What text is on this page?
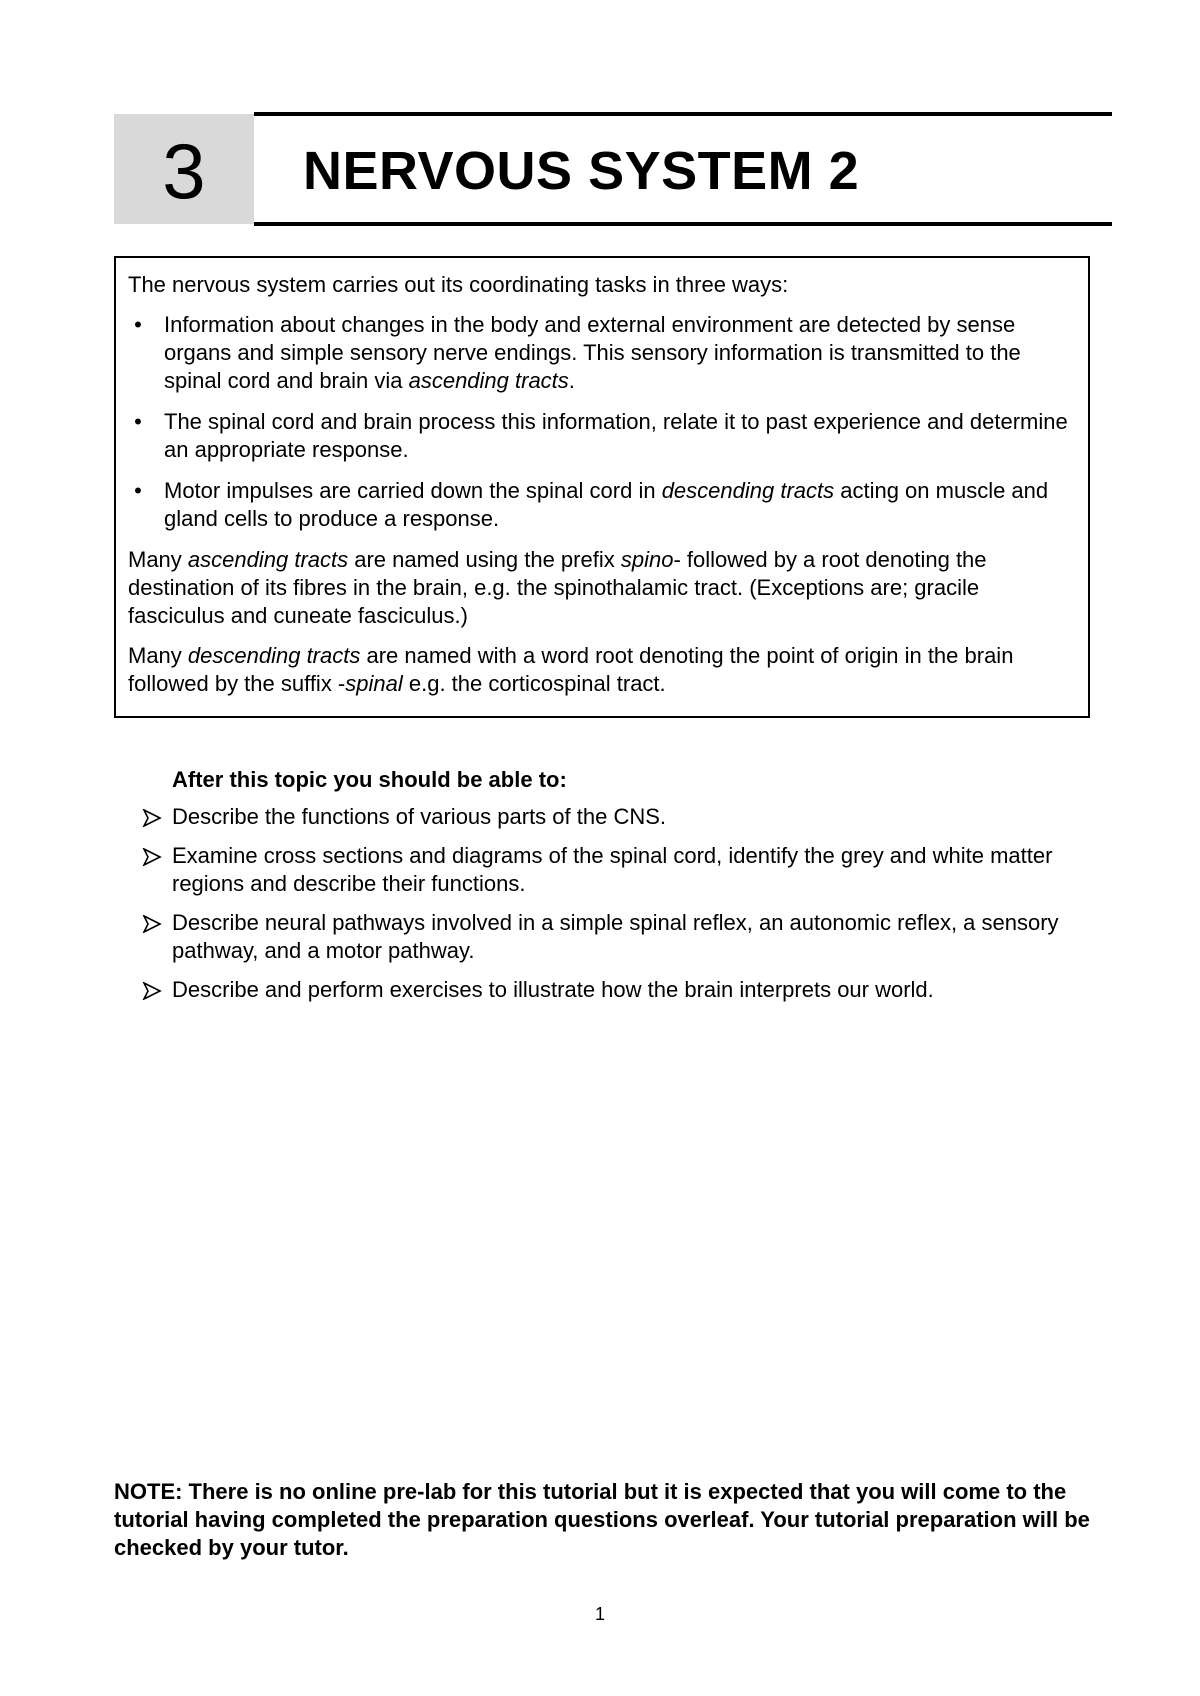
3 NERVOUS SYSTEM 2

The nervous system carries out its coordinating tasks in three ways:

• Information about changes in the body and external environment are detected by sense organs and simple sensory nerve endings. This sensory information is transmitted to the spinal cord and brain via ascending tracts.
• The spinal cord and brain process this information, relate it to past experience and determine an appropriate response.
• Motor impulses are carried down the spinal cord in descending tracts acting on muscle and gland cells to produce a response.

Many ascending tracts are named using the prefix spino- followed by a root denoting the destination of its fibres in the brain, e.g. the spinothalamic tract. (Exceptions are; gracile fasciculus and cuneate fasciculus.)

Many descending tracts are named with a word root denoting the point of origin in the brain followed by the suffix -spinal e.g. the corticospinal tract.

After this topic you should be able to:

Describe the functions of various parts of the CNS.
Examine cross sections and diagrams of the spinal cord, identify the grey and white matter regions and describe their functions.
Describe neural pathways involved in a simple spinal reflex, an autonomic reflex, a sensory pathway, and a motor pathway.
Describe and perform exercises to illustrate how the brain interprets our world.

NOTE: There is no online pre-lab for this tutorial but it is expected that you will come to the tutorial having completed the preparation questions overleaf. Your tutorial preparation will be checked by your tutor.

1
